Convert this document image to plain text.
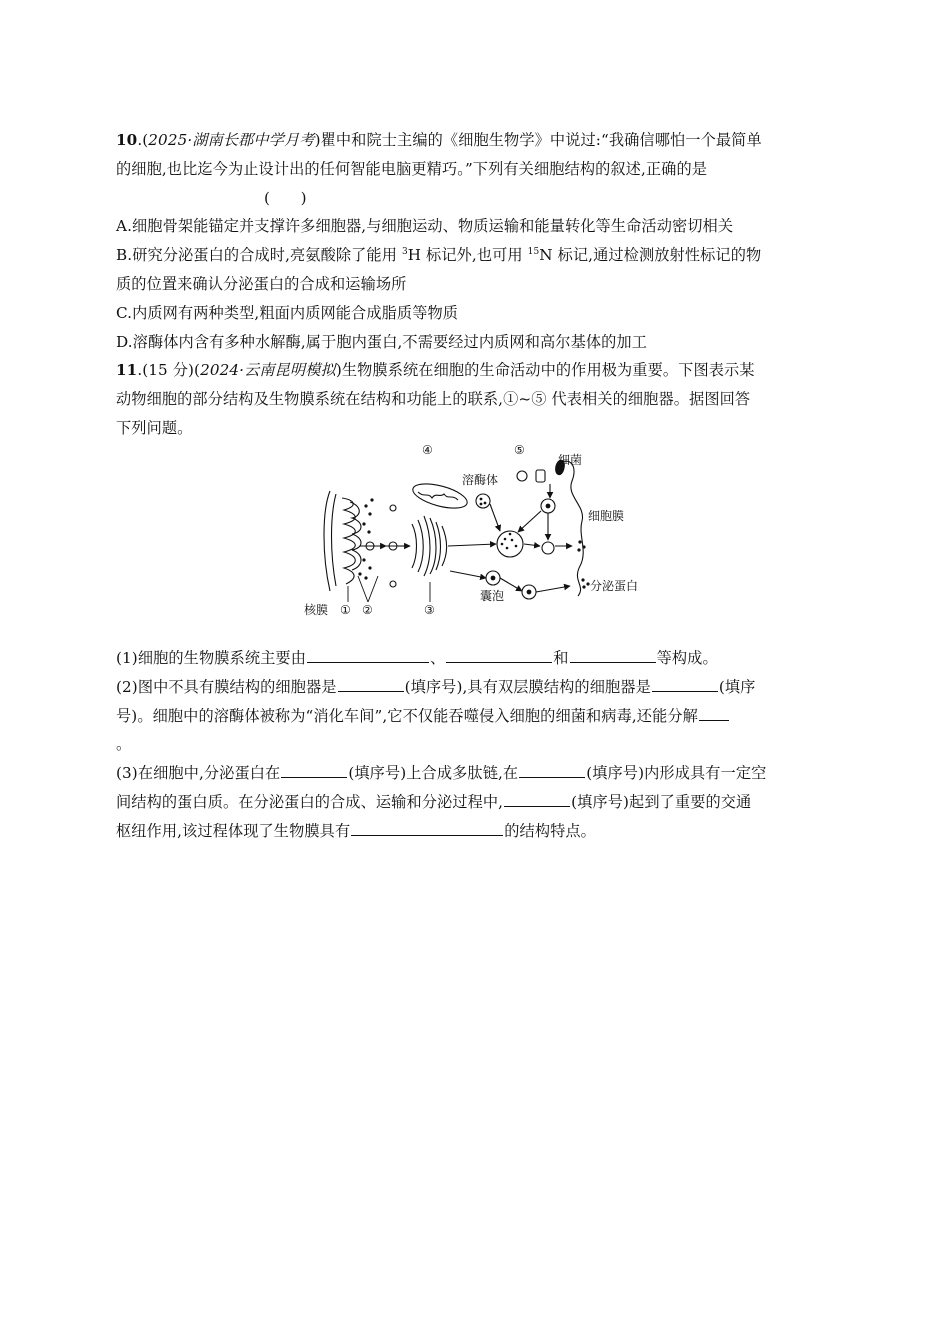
10.(2025·湖南长郡中学月考)瞿中和院士主编的《细胞生物学》中说过:“我确信哪怕一个最简单
的细胞,也比迄今为止设计出的任何智能电脑更精巧。”下列有关细胞结构的叙述,正确的是
(　　)
A.细胞骨架能锚定并支撑许多细胞器,与细胞运动、物质运输和能量转化等生命活动密切相关
B.研究分泌蛋白的合成时,亮氨酸除了能用 $^3$H 标记外,也可用 $^{15}$N 标记,通过检测放射性标记的物
质的位置来确认分泌蛋白的合成和运输场所
C.内质网有两种类型,粗面内质网能合成脂质等物质
D.溶酶体内含有多种水解酶,属于胞内蛋白,不需要经过内质网和高尔基体的加工
11.(15 分)(2024·云南昆明模拟)生物膜系统在细胞的生命活动中的作用极为重要。下图表示某
动物细胞的部分结构及生物膜系统在结构和功能上的联系,①~⑤ 代表相关的细胞器。据图回答
下列问题。
④	⑤
细菌
溶酶体
细胞膜
囊泡
分泌蛋白
核膜 ① ②	③
(1)细胞的生物膜系统主要由	、	和	等构成。
(2)图中不具有膜结构的细胞器是	(填序号),具有双层膜结构的细胞器是	(填序
号)。细胞中的溶酶体被称为“消化车间”,它不仅能吞噬侵入细胞的细菌和病毒,还能分解
。
(3)在细胞中,分泌蛋白在	(填序号)上合成多肽链,在	(填序号)内形成具有一定空
间结构的蛋白质。在分泌蛋白的合成、运输和分泌过程中,	(填序号)起到了重要的交通
枢纽作用,该过程体现了生物膜具有	的结构特点。
